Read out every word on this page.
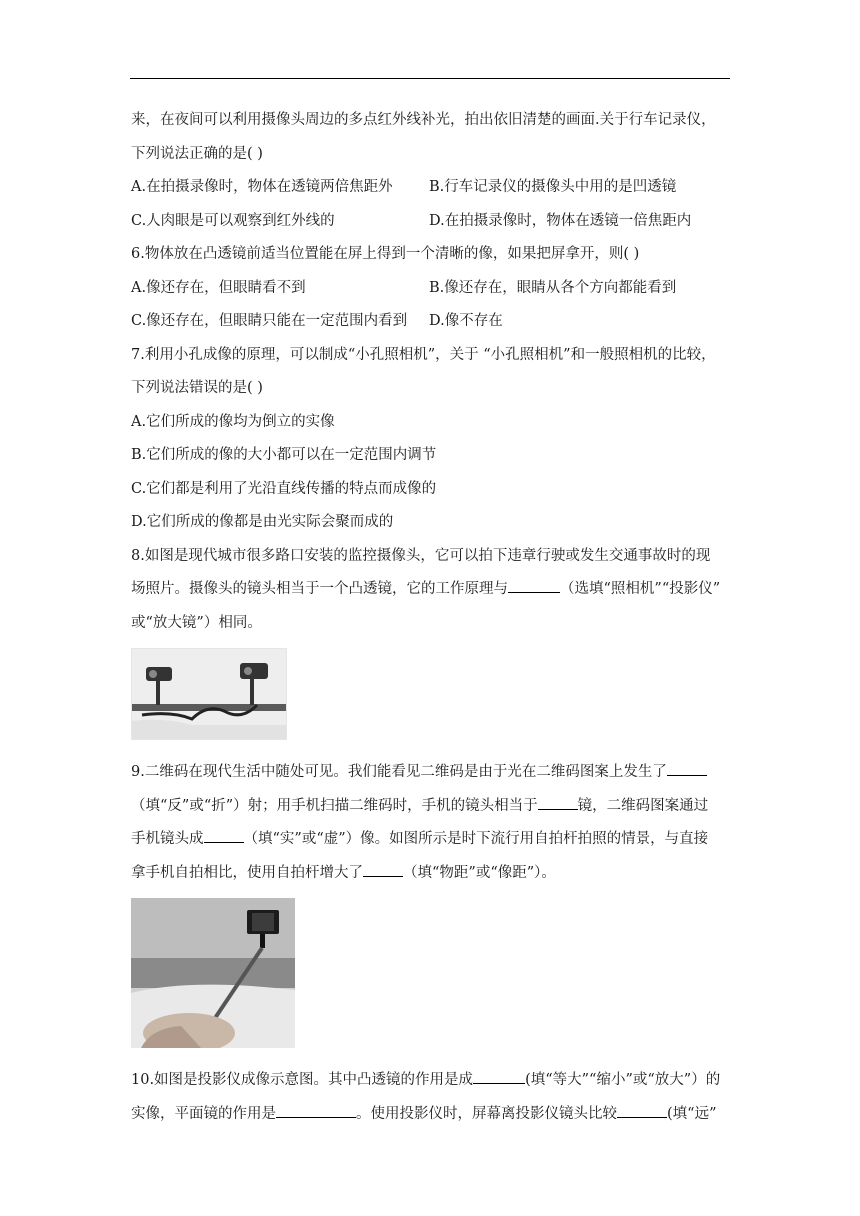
来，在夜间可以利用摄像头周边的多点红外线补光，拍出依旧清楚的画面.关于行车记录仪，
下列说法正确的是( )
A.在拍摄录像时，物体在透镜两倍焦距外	B.行车记录仪的摄像头中用的是凹透镜
C.人肉眼是可以观察到红外线的	D.在拍摄录像时，物体在透镜一倍焦距内
6.物体放在凸透镜前适当位置能在屏上得到一个清晰的像，如果把屏拿开，则( )
A.像还存在，但眼睛看不到	B.像还存在，眼睛从各个方向都能看到
C.像还存在，但眼睛只能在一定范围内看到	D.像不存在
7.利用小孔成像的原理，可以制成“小孔照相机”，关于 “小孔照相机”和一般照相机的比较，
下列说法错误的是( )
A.它们所成的像均为倒立的实像
B.它们所成的像的大小都可以在一定范围内调节
C.它们都是利用了光沿直线传播的特点而成像的
D.它们所成的像都是由光实际会聚而成的
8.如图是现代城市很多路口安装的监控摄像头，它可以拍下违章行驶或发生交通事故时的现
场照片。摄像头的镜头相当于一个凸透镜，它的工作原理与	（选填“照相机”“投影仪”
或“放大镜”）相同。
9.二维码在现代生活中随处可见。我们能看见二维码是由于光在二维码图案上发生了
（填“反”或“折”）射；用手机扫描二维码时，手机的镜头相当于	镜，二维码图案通过
手机镜头成	（填“实”或“虚”）像。如图所示是时下流行用自拍杆拍照的情景，与直接
拿手机自拍相比，使用自拍杆增大了	（填“物距”或“像距”）。
10.如图是投影仪成像示意图。其中凸透镜的作用是成	(填“等大”“缩小”或“放大”）的
实像，平面镜的作用是	。使用投影仪时，屏幕离投影仪镜头比较	(填“远”
